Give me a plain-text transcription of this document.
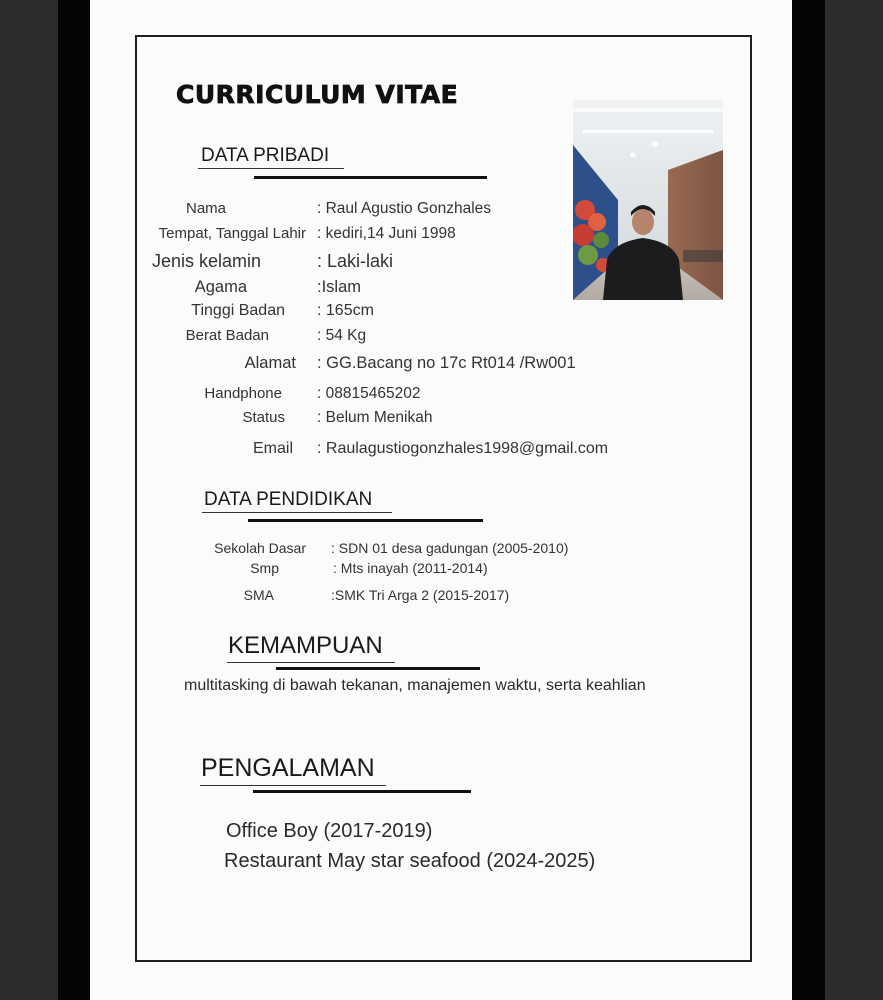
CURRICULUM VITAE
DATA PRIBADI
Nama	: Raul Agustio Gonzhales
Tempat, Tanggal Lahir : kediri,14 Juni 1998
Jenis kelamin	: Laki-laki
Agama	:Islam
Tinggi Badan : 165cm
Berat Badan	: 54 Kg
Alamat : GG.Bacang no 17c Rt014 /Rw001
Handphone : 08815465202
Status : Belum Menikah
Email : Raulagustiogonzhales1998@gmail.com
DATA PENDIDIKAN
Sekolah Dasar : SDN 01 desa gadungan (2005-2010)
Smp	: Mts inayah (2011-2014)
SMA	:SMK Tri Arga 2 (2015-2017)
KEMAMPUAN
multitasking di bawah tekanan, manajemen waktu, serta keahlian
PENGALAMAN
Office Boy (2017-2019)
Restaurant May star seafood (2024-2025)
